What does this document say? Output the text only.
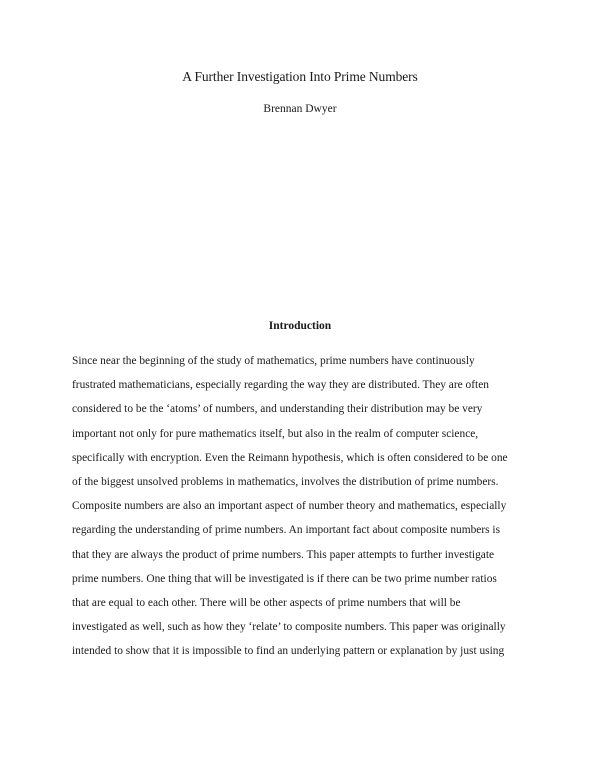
A Further Investigation Into Prime Numbers
Brennan Dwyer
Introduction
Since near the beginning of the study of mathematics, prime numbers have continuously
frustrated mathematicians, especially regarding the way they are distributed. They are often
considered to be the ‘atoms’ of numbers, and understanding their distribution may be very
important not only for pure mathematics itself, but also in the realm of computer science,
specifically with encryption. Even the Reimann hypothesis, which is often considered to be one
of the biggest unsolved problems in mathematics, involves the distribution of prime numbers.
Composite numbers are also an important aspect of number theory and mathematics, especially
regarding the understanding of prime numbers. An important fact about composite numbers is
that they are always the product of prime numbers. This paper attempts to further investigate
prime numbers. One thing that will be investigated is if there can be two prime number ratios
that are equal to each other. There will be other aspects of prime numbers that will be
investigated as well, such as how they ‘relate’ to composite numbers. This paper was originally
intended to show that it is impossible to find an underlying pattern or explanation by just using
